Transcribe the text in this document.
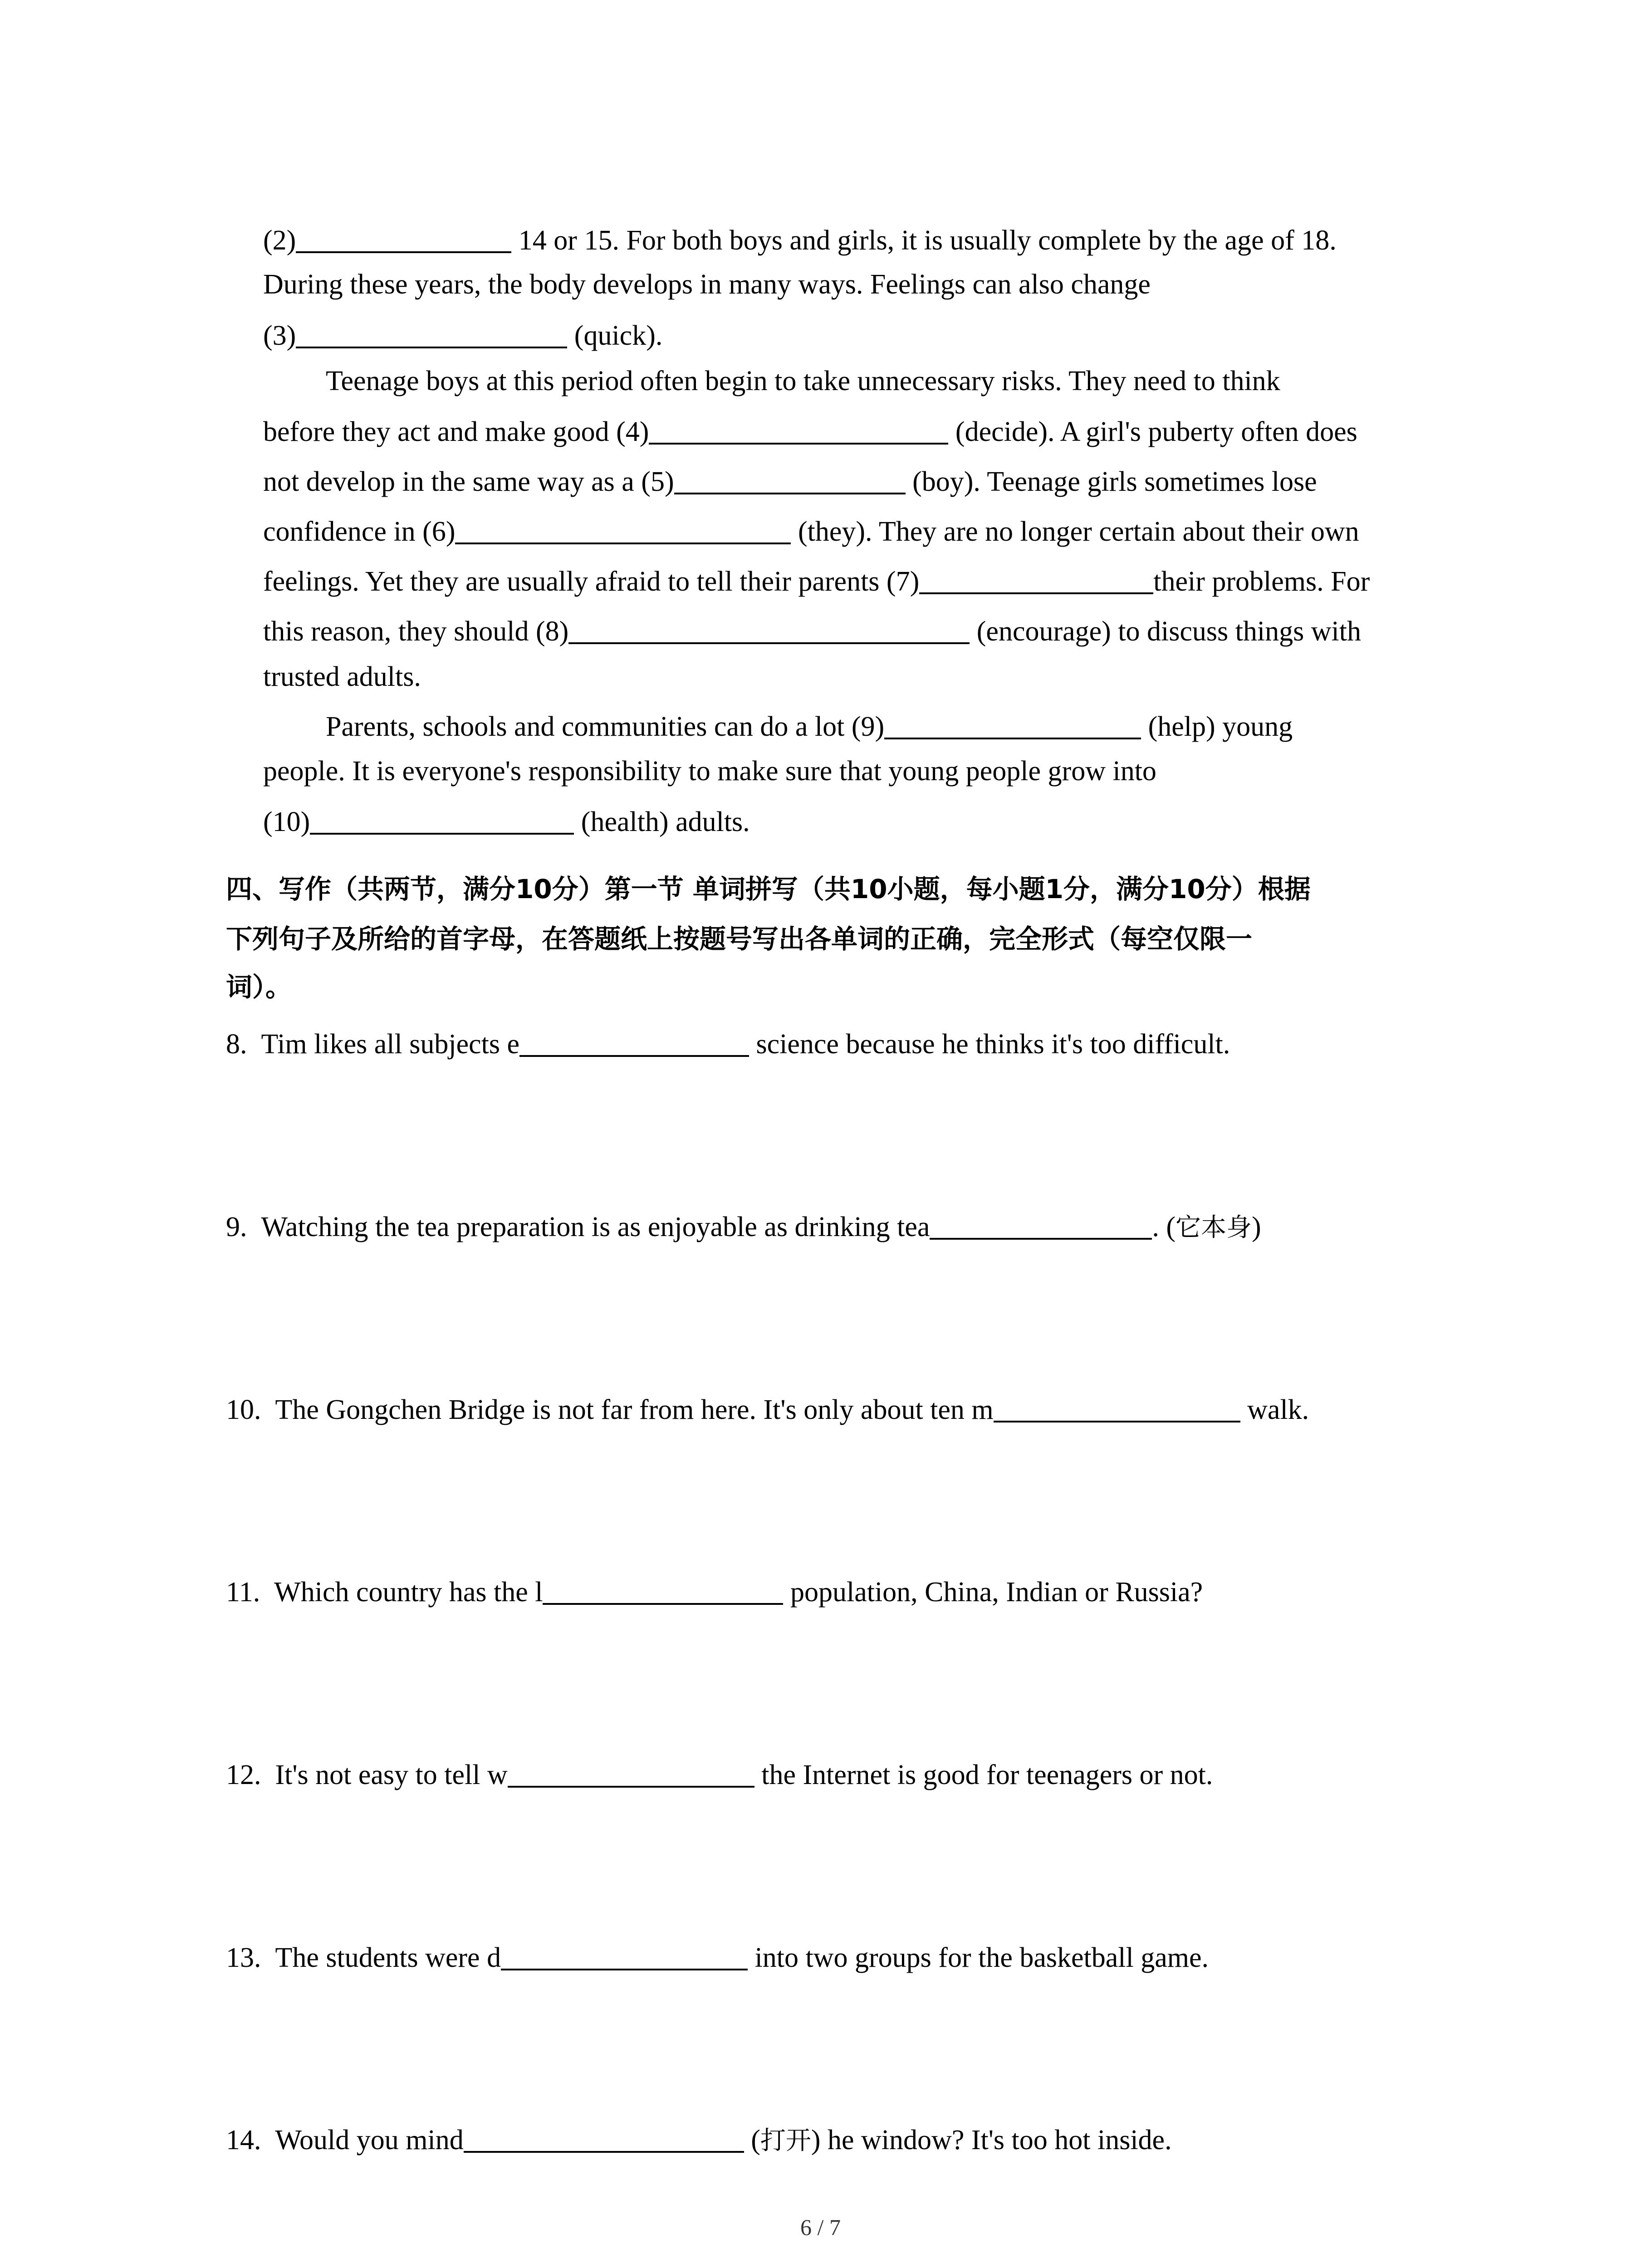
(2)	14 or 15. For both boys and girls, it is usually complete by the age of 18.
During these years, the body develops in many ways. Feelings can also change
(3)	(quick).
Teenage boys at this period often begin to take unnecessary risks. They need to think
before they act and make good (4)	(decide). A girl's puberty often does
not develop in the same way as a (5)	(boy). Teenage girls sometimes lose
confidence in (6)	(they). They are no longer certain about their own
feelings. Yet they are usually afraid to tell their parents (7)	their problems. For
this reason, they should (8)	(encourage) to discuss things with
trusted adults.
Parents, schools and communities can do a lot (9)	(help) young
people. It is everyone's responsibility to make sure that young people grow into
(10)	(health) adults.
四、写作（共两节，满分10分）第一节 单词拼写（共10小题，每小题1分，满分10分）根据
下列句子及所给的首字母，在答题纸上按题号写出各单词的正确，完全形式（每空仅限一
词）。
8. Tim likes all subjects e	science because he thinks it's too difficult.
9. Watching the tea preparation is as enjoyable as drinking tea	. (它本身)
10. The Gongchen Bridge is not far from here. It's only about ten m	walk.
11. Which country has the l	population, China, Indian or Russia?
12. It's not easy to tell w	the Internet is good for teenagers or not.
13. The students were d	into two groups for the basketball game.
14. Would you mind	(打开) he window? It's too hot inside.
6 / 7
